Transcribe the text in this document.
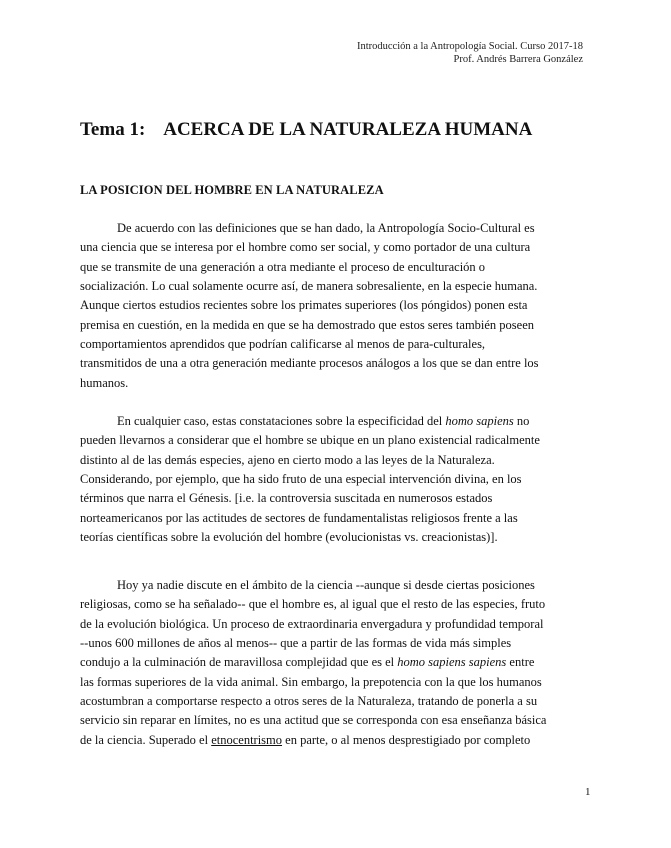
Introducción a la Antropología Social. Curso 2017-18
Prof. Andrés Barrera González
Tema 1:    ACERCA DE LA NATURALEZA HUMANA
LA POSICION DEL HOMBRE EN LA NATURALEZA
De acuerdo con las definiciones que se han dado, la Antropología Socio-Cultural es
una ciencia que se interesa por el hombre como ser social, y como portador de una cultura
que se transmite de una generación a otra mediante el proceso de enculturación o
socialización. Lo cual solamente ocurre así, de manera sobresaliente, en la especie humana.
Aunque ciertos estudios recientes sobre los primates superiores (los póngidos) ponen esta
premisa en cuestión, en la medida en que se ha demostrado que estos seres también poseen
comportamientos aprendidos que podrían calificarse al menos de para-culturales,
transmitidos de una a otra generación mediante procesos análogos a los que se dan entre los
humanos.
En cualquier caso, estas constataciones sobre la especificidad del homo sapiens no
pueden llevarnos a considerar que el hombre se ubique en un plano existencial radicalmente
distinto al de las demás especies, ajeno en cierto modo a las leyes de la Naturaleza.
Considerando, por ejemplo, que ha sido fruto de una especial intervención divina, en los
términos que narra el Génesis. [i.e. la controversia suscitada en numerosos estados
norteamericanos por las actitudes de sectores de fundamentalistas religiosos frente a las
teorías científicas sobre la evolución del hombre (evolucionistas vs. creacionistas)].
Hoy ya nadie discute en el ámbito de la ciencia --aunque si desde ciertas posiciones
religiosas, como se ha señalado-- que el hombre es, al igual que el resto de las especies, fruto
de la evolución biológica. Un proceso de extraordinaria envergadura y profundidad temporal
--unos 600 millones de años al menos-- que a partir de las formas de vida más simples
condujo a la culminación de maravillosa complejidad que es el homo sapiens sapiens entre
las formas superiores de la vida animal. Sin embargo, la prepotencia con la que los humanos
acostumbran a comportarse respecto a otros seres de la Naturaleza, tratando de ponerla a su
servicio sin reparar en límites, no es una actitud que se corresponda con esa enseñanza básica
de la ciencia. Superado el etnocentrismo en parte, o al menos desprestigiado por completo
1
